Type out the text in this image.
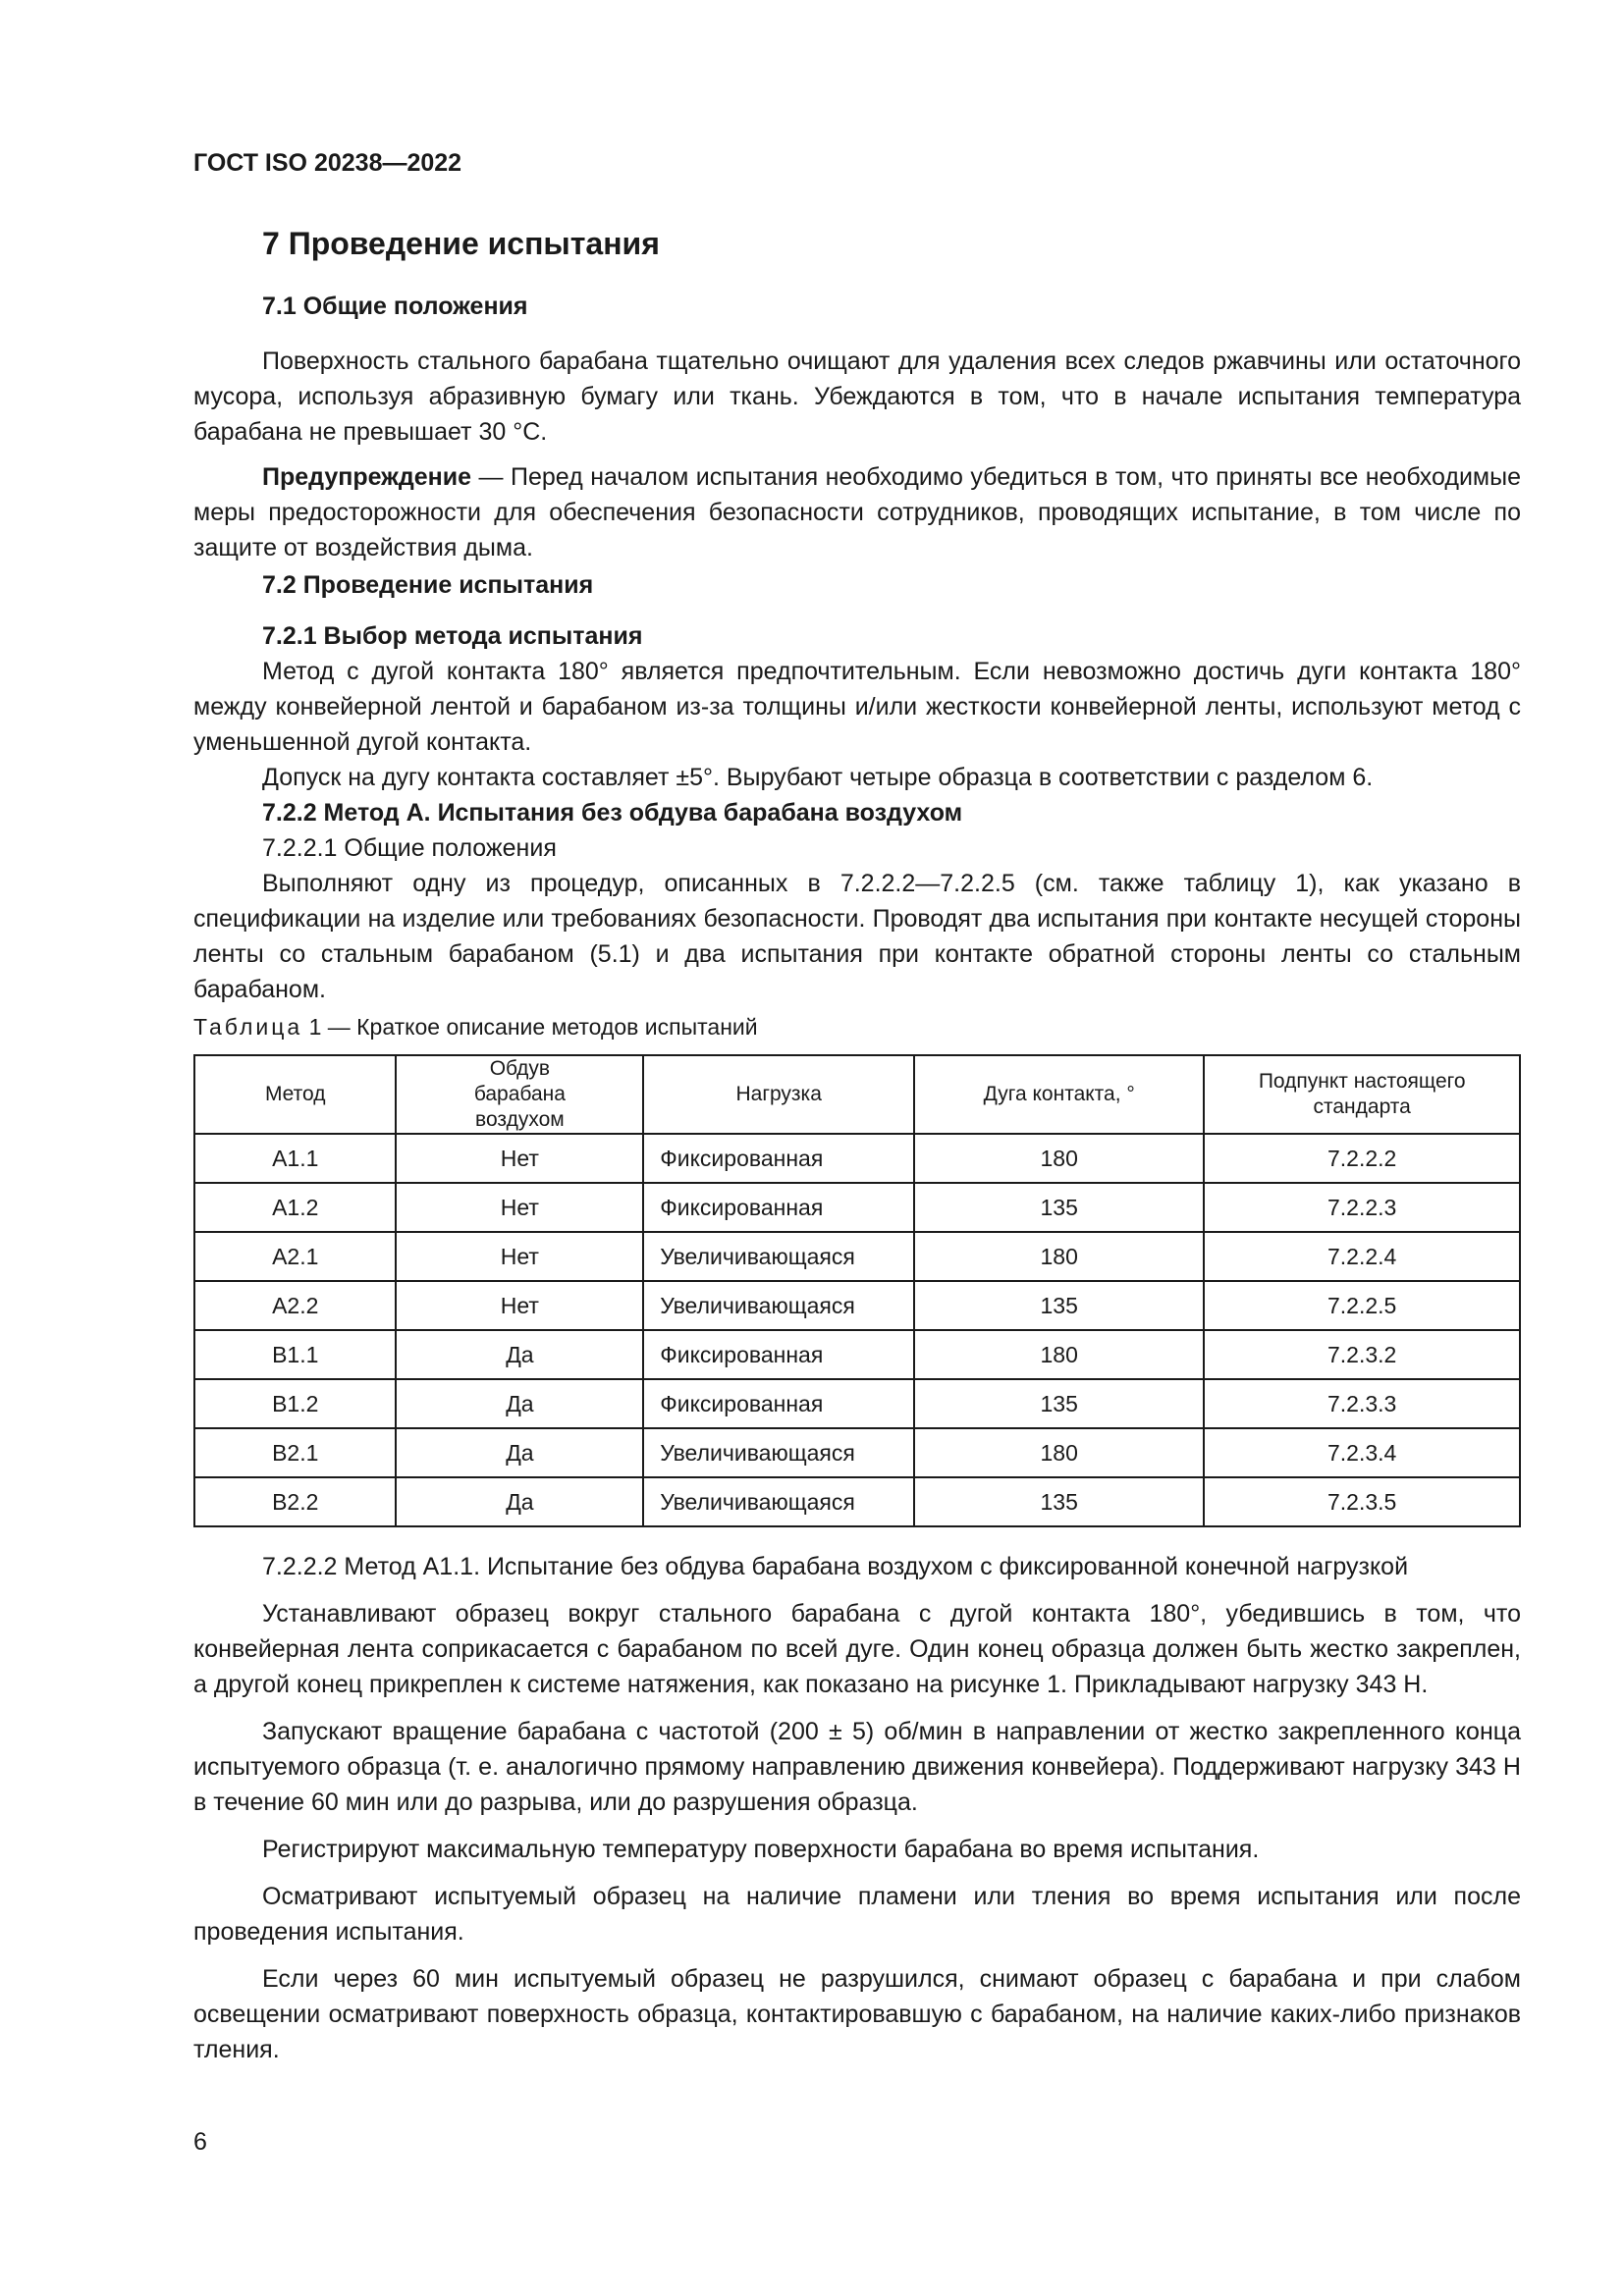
ГОСТ ISO 20238—2022
7 Проведение испытания
7.1 Общие положения

Поверхность стального барабана тщательно очищают для удаления всех следов ржавчины или остаточного мусора, используя абразивную бумагу или ткань. Убеждаются в том, что в начале испытания температура барабана не превышает 30 °C.

Предупреждение — Перед началом испытания необходимо убедиться в том, что приняты все необходимые меры предосторожности для обеспечения безопасности сотрудников, проводящих испытание, в том числе по защите от воздействия дыма.

7.2 Проведение испытания
7.2.1 Выбор метода испытания

Метод с дугой контакта 180° является предпочтительным. Если невозможно достичь дуги контакта 180° между конвейерной лентой и барабаном из-за толщины и/или жесткости конвейерной ленты, используют метод с уменьшенной дугой контакта.

Допуск на дугу контакта составляет ±5°. Вырубают четыре образца в соответствии с разделом 6.

7.2.2 Метод А. Испытания без обдува барабана воздухом

7.2.2.1 Общие положения

Выполняют одну из процедур, описанных в 7.2.2.2—7.2.2.5 (см. также таблицу 1), как указано в спецификации на изделие или требованиях безопасности. Проводят два испытания при контакте несущей стороны ленты со стальным барабаном (5.1) и два испытания при контакте обратной стороны ленты со стальным барабаном.

Таблица 1 — Краткое описание методов испытаний
Метод	Обдув барабана воздухом	Нагрузка	Дуга контакта, °	Подпункт настоящего стандарта
А1.1	Нет	Фиксированная	180	7.2.2.2
А1.2	Нет	Фиксированная	135	7.2.2.3
А2.1	Нет	Увеличивающаяся	180	7.2.2.4
А2.2	Нет	Увеличивающаяся	135	7.2.2.5
В1.1	Да	Фиксированная	180	7.2.3.2
В1.2	Да	Фиксированная	135	7.2.3.3
В2.1	Да	Увеличивающаяся	180	7.2.3.4
В2.2	Да	Увеличивающаяся	135	7.2.3.5

7.2.2.2 Метод А1.1. Испытание без обдува барабана воздухом с фиксированной конечной нагрузкой

Устанавливают образец вокруг стального барабана с дугой контакта 180°, убедившись в том, что конвейерная лента соприкасается с барабаном по всей дуге. Один конец образца должен быть жестко закреплен, а другой конец прикреплен к системе натяжения, как показано на рисунке 1. Прикладывают нагрузку 343 Н.

Запускают вращение барабана с частотой (200 ± 5) об/мин в направлении от жестко закрепленного конца испытуемого образца (т. е. аналогично прямому направлению движения конвейера). Поддерживают нагрузку 343 Н в течение 60 мин или до разрыва, или до разрушения образца.

Регистрируют максимальную температуру поверхности барабана во время испытания.

Осматривают испытуемый образец на наличие пламени или тления во время испытания или после проведения испытания.

Если через 60 мин испытуемый образец не разрушился, снимают образец с барабана и при слабом освещении осматривают поверхность образца, контактировавшую с барабаном, на наличие каких-либо признаков тления.

6
